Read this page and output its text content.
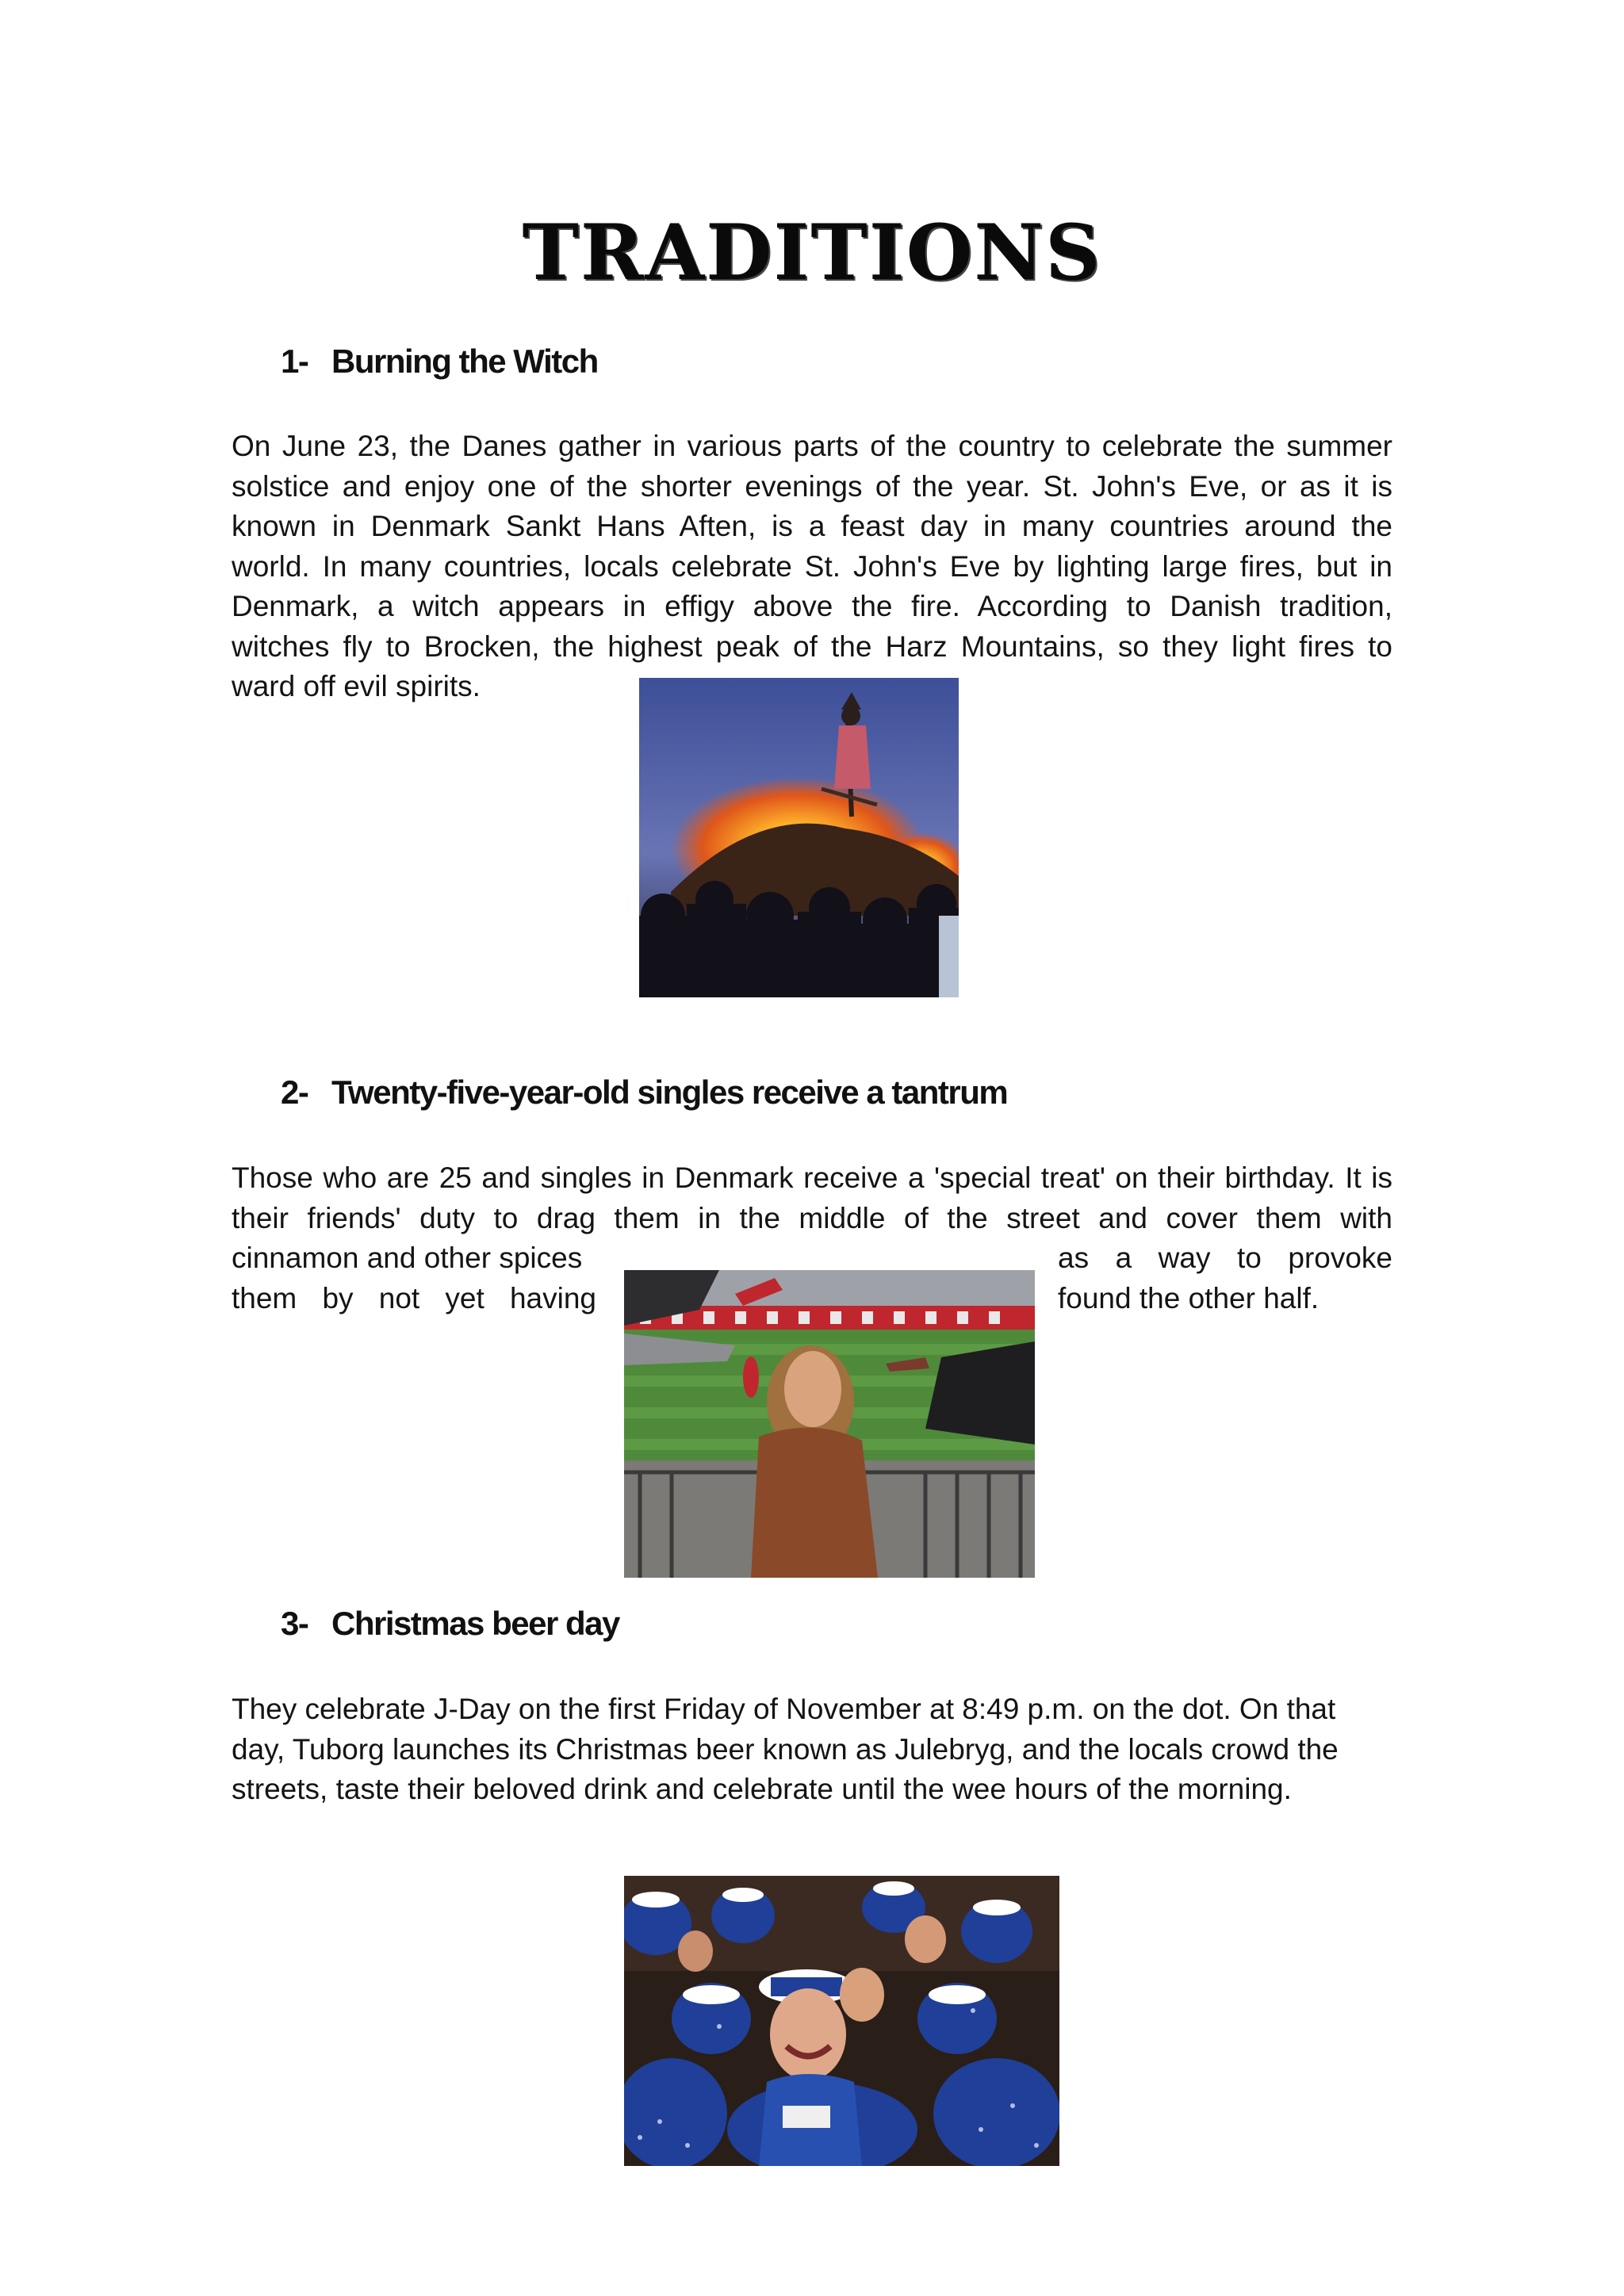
TRADITIONS
1- Burning the Witch
On June 23, the Danes gather in various parts of the country to celebrate the summer
solstice and enjoy one of the shorter evenings of the year. St. John's Eve, or as it is
known in Denmark Sankt Hans Aften, is a feast day in many countries around the
world. In many countries, locals celebrate St. John's Eve by lighting large fires, but in
Denmark, a witch appears in effigy above the fire. According to Danish tradition,
witches fly to Brocken, the highest peak of the Harz Mountains, so they light fires to
ward off evil spirits.
2- Twenty-five-year-old singles receive a tantrum
Those who are 25 and singles in Denmark receive a 'special treat' on their birthday. It is
their friends' duty to drag them in the middle of the street and cover them with
cinnamon and other spices
them by not yet having
as a way to provoke
found the other half.
3- Christmas beer day
They celebrate J-Day on the first Friday of November at 8:49 p.m. on the dot. On that
day, Tuborg launches its Christmas beer known as Julebryg, and the locals crowd the
streets, taste their beloved drink and celebrate until the wee hours of the morning.
